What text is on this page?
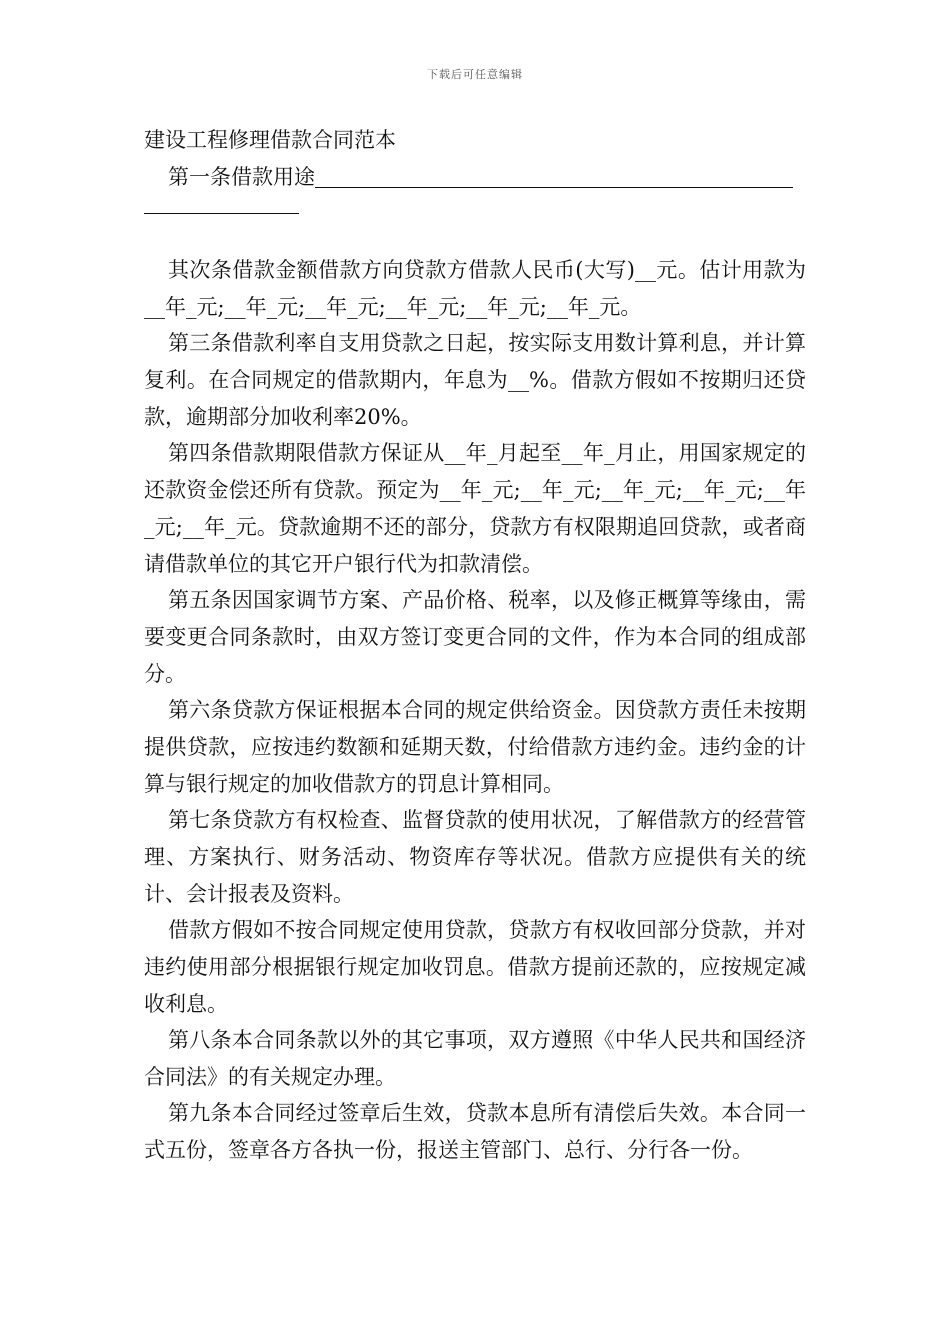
下载后可任意编辑

建设工程修理借款合同范本

第一条借款用途

其次条借款金额借款方向贷款方借款人民币(大写)__元。估计用款为__年_元;__年_元;__年_元;__年_元;__年_元;__年_元。

第三条借款利率自支用贷款之日起，按实际支用数计算利息，并计算复利。在合同规定的借款期内，年息为__%。借款方假如不按期归还贷款，逾期部分加收利率20%。

第四条借款期限借款方保证从__年_月起至__年_月止，用国家规定的还款资金偿还所有贷款。预定为__年_元;__年_元;__年_元;__年_元;__年_元;__年_元。贷款逾期不还的部分，贷款方有权限期追回贷款，或者商请借款单位的其它开户银行代为扣款清偿。

第五条因国家调节方案、产品价格、税率，以及修正概算等缘由，需要变更合同条款时，由双方签订变更合同的文件，作为本合同的组成部分。

第六条贷款方保证根据本合同的规定供给资金。因贷款方责任未按期提供贷款，应按违约数额和延期天数，付给借款方违约金。违约金的计算与银行规定的加收借款方的罚息计算相同。

第七条贷款方有权检查、监督贷款的使用状况，了解借款方的经营管理、方案执行、财务活动、物资库存等状况。借款方应提供有关的统计、会计报表及资料。

借款方假如不按合同规定使用贷款，贷款方有权收回部分贷款，并对违约使用部分根据银行规定加收罚息。借款方提前还款的，应按规定减收利息。

第八条本合同条款以外的其它事项，双方遵照《中华人民共和国经济合同法》的有关规定办理。

第九条本合同经过签章后生效，贷款本息所有清偿后失效。本合同一式五份，签章各方各执一份，报送主管部门、总行、分行各一份。
